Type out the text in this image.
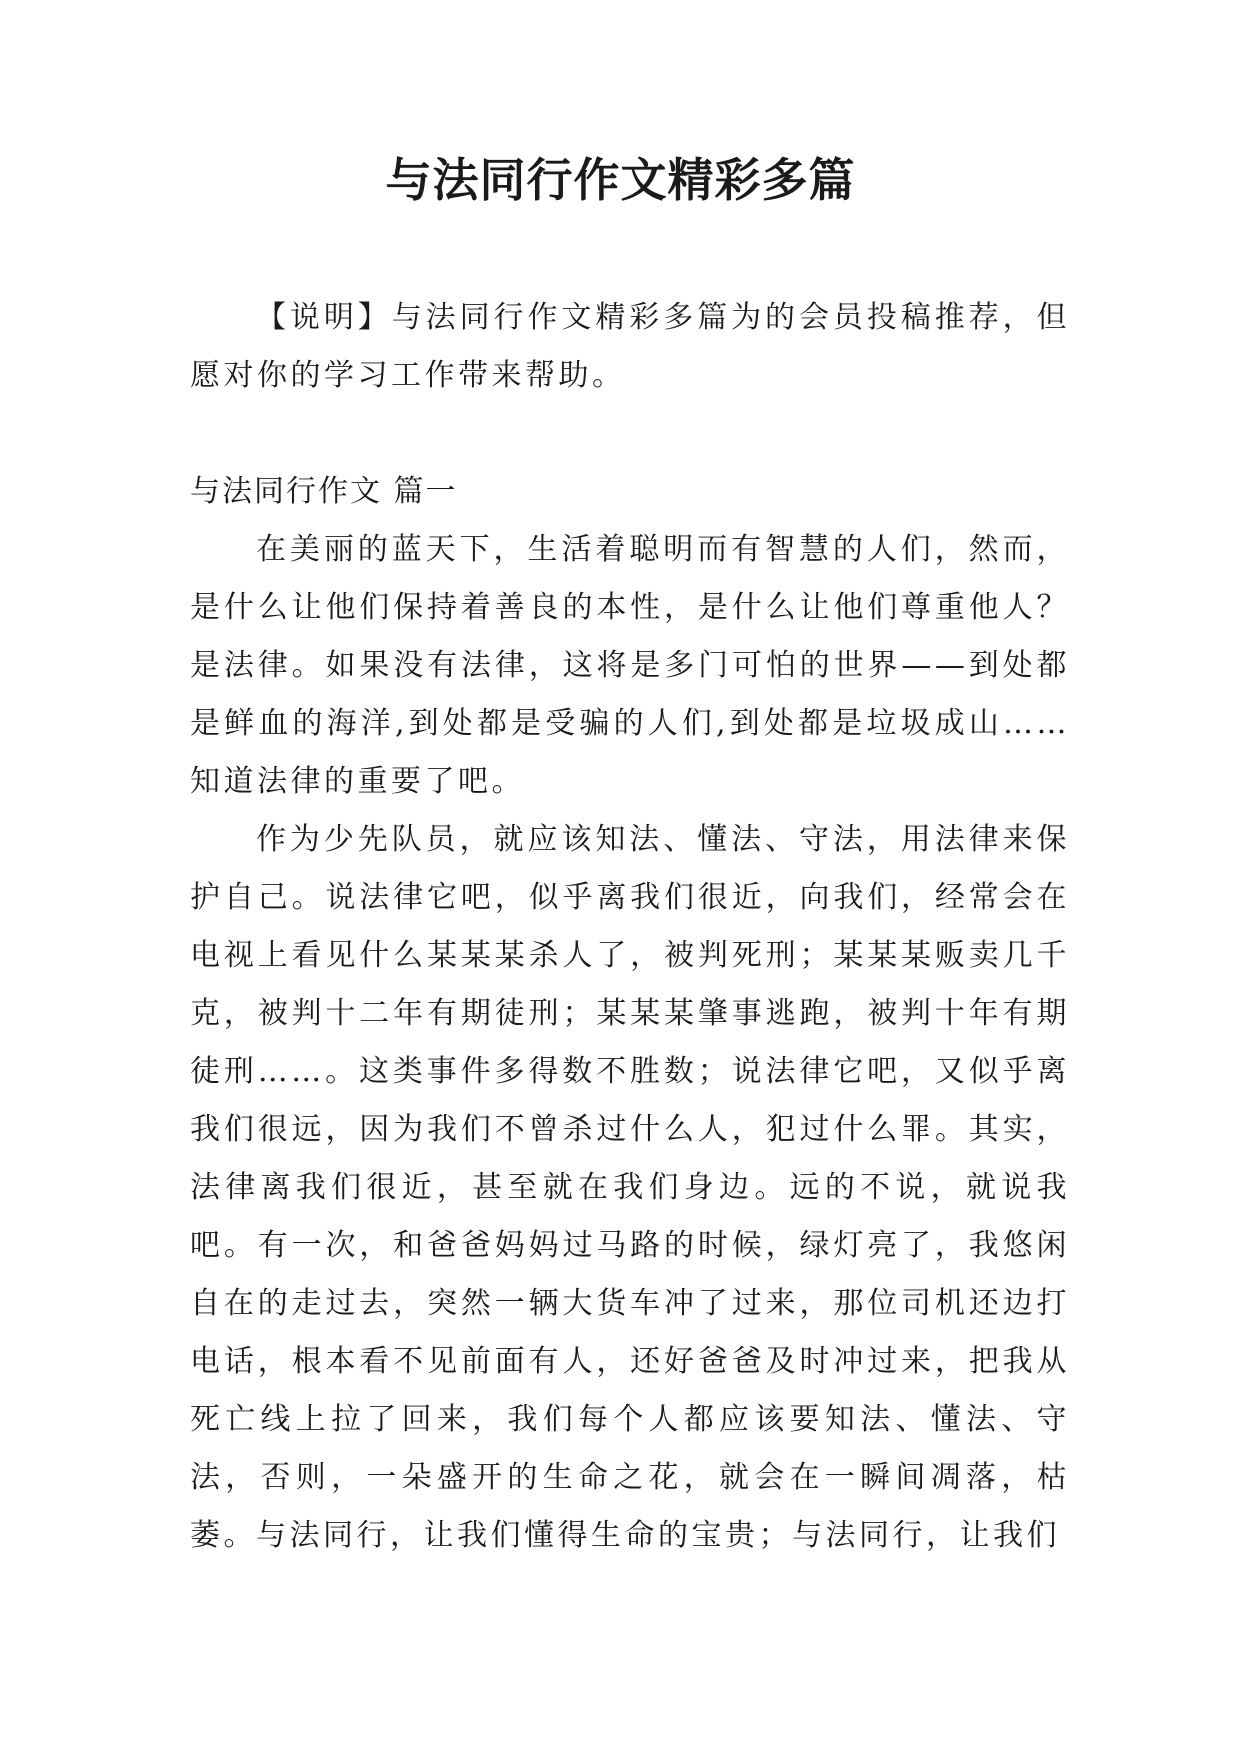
与法同行作文精彩多篇

【说明】与法同行作文精彩多篇为的会员投稿推荐，但愿对你的学习工作带来帮助。

与法同行作文 篇一

在美丽的蓝天下，生活着聪明而有智慧的人们，然而，是什么让他们保持着善良的本性，是什么让他们尊重他人？是法律。如果没有法律，这将是多门可怕的世界——到处都是鲜血的海洋,到处都是受骗的人们,到处都是垃圾成山……知道法律的重要了吧。

作为少先队员，就应该知法、懂法、守法，用法律来保护自己。说法律它吧，似乎离我们很近，向我们，经常会在电视上看见什么某某某杀人了，被判死刑；某某某贩卖几千克，被判十二年有期徒刑；某某某肇事逃跑，被判十年有期徒刑……。这类事件多得数不胜数；说法律它吧，又似乎离我们很远，因为我们不曾杀过什么人，犯过什么罪。其实，法律离我们很近，甚至就在我们身边。远的不说，就说我吧。有一次，和爸爸妈妈过马路的时候，绿灯亮了，我悠闲自在的走过去，突然一辆大货车冲了过来，那位司机还边打电话，根本看不见前面有人，还好爸爸及时冲过来，把我从死亡线上拉了回来，我们每个人都应该要知法、懂法、守法，否则，一朵盛开的生命之花，就会在一瞬间凋落，枯萎。 与法同行，让我们懂得生命的宝贵；与法同行，让我们
